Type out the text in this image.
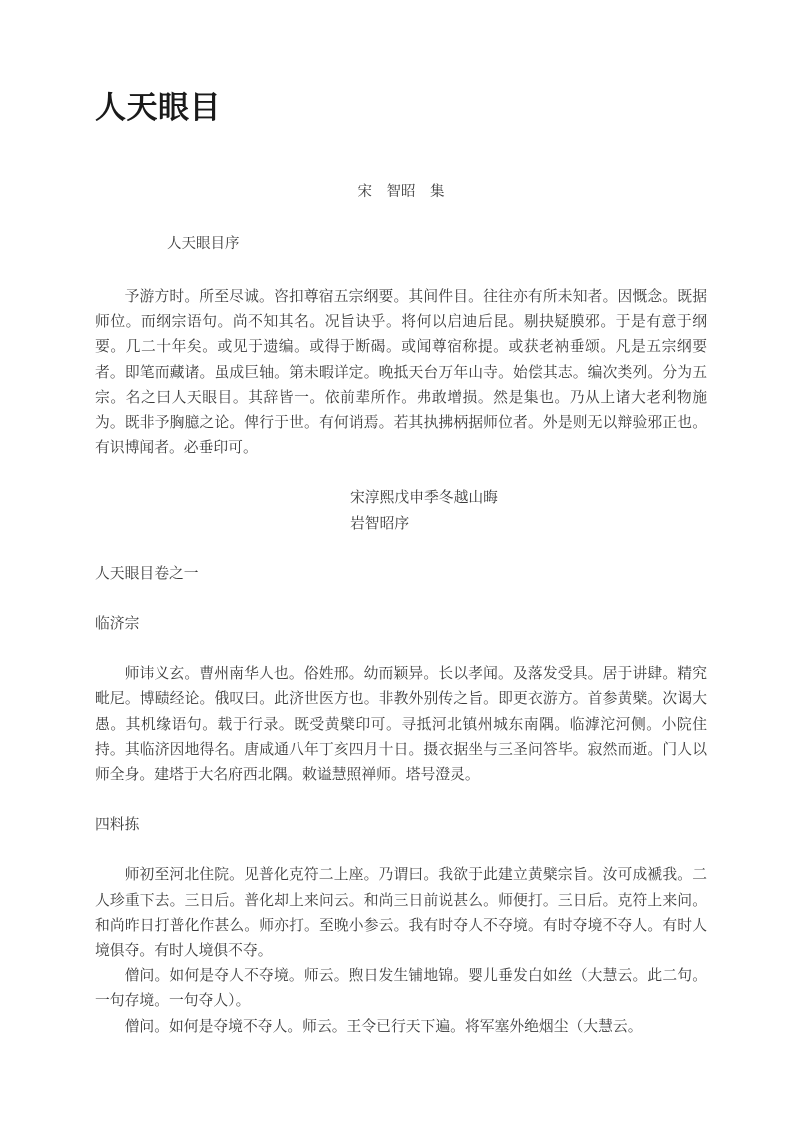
人天眼目

宋　智昭　集

人天眼目序

予游方时。所至尽诚。咨扣尊宿五宗纲要。其间件目。往往亦有所未知者。因慨念。既据师位。而纲宗语句。尚不知其名。况旨诀乎。将何以启迪后昆。剔抉疑膜邪。于是有意于纲要。几二十年矣。或见于遗编。或得于断碣。或闻尊宿称提。或获老衲垂颂。凡是五宗纲要者。即笔而藏诸。虽成巨轴。第未暇详定。晚抵天台万年山寺。始偿其志。编次类列。分为五宗。名之曰人天眼目。其辞皆一。依前辈所作。弗敢增损。然是集也。乃从上诸大老利物施为。既非予胸臆之论。俾行于世。有何诮焉。若其执拂柄据师位者。外是则无以辩验邪正也。有识博闻者。必垂印可。

宋淳熙戊申季冬越山晦

岩智昭序

人天眼目卷之一

临济宗

师讳义玄。曹州南华人也。俗姓邢。幼而颖异。长以孝闻。及落发受具。居于讲肆。精究毗尼。博赜经论。俄叹曰。此济世医方也。非教外别传之旨。即更衣游方。首参黄檗。次谒大愚。其机缘语句。载于行录。既受黄檗印可。寻抵河北镇州城东南隅。临滹沱河侧。小院住持。其临济因地得名。唐咸通八年丁亥四月十日。摄衣据坐与三圣问答毕。寂然而逝。门人以师全身。建塔于大名府西北隅。敕谥慧照禅师。塔号澄灵。

四料拣

师初至河北住院。见普化克符二上座。乃谓曰。我欲于此建立黄檗宗旨。汝可成褫我。二人珍重下去。三日后。普化却上来问云。和尚三日前说甚么。师便打。三日后。克符上来问。和尚昨日打普化作甚么。师亦打。至晚小参云。我有时夺人不夺境。有时夺境不夺人。有时人境俱夺。有时人境俱不夺。

僧问。如何是夺人不夺境。师云。煦日发生铺地锦。婴儿垂发白如丝（大慧云。此二句。一句存境。一句夺人）。

僧问。如何是夺境不夺人。师云。王令已行天下遍。将军塞外绝烟尘（大慧云。
